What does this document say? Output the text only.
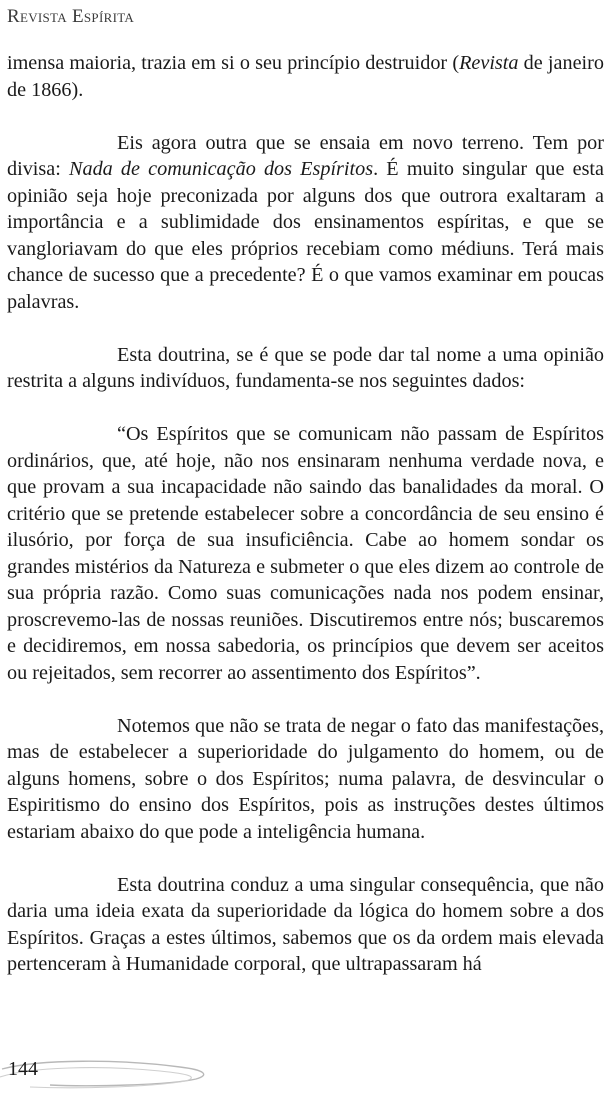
Revista Espírita

imensa maioria, trazia em si o seu princípio destruidor (Revista de janeiro de 1866).

Eis agora outra que se ensaia em novo terreno. Tem por divisa: Nada de comunicação dos Espíritos. É muito singular que esta opinião seja hoje preconizada por alguns dos que outrora exaltaram a importância e a sublimidade dos ensinamentos espíritas, e que se vangloriavam do que eles próprios recebiam como médiuns. Terá mais chance de sucesso que a precedente? É o que vamos examinar em poucas palavras.

Esta doutrina, se é que se pode dar tal nome a uma opinião restrita a alguns indivíduos, fundamenta-se nos seguintes dados:

“Os Espíritos que se comunicam não passam de Espíritos ordinários, que, até hoje, não nos ensinaram nenhuma verdade nova, e que provam a sua incapacidade não saindo das banalidades da moral. O critério que se pretende estabelecer sobre a concordância de seu ensino é ilusório, por força de sua insuficiência. Cabe ao homem sondar os grandes mistérios da Natureza e submeter o que eles dizem ao controle de sua própria razão. Como suas comunicações nada nos podem ensinar, proscrevemo-las de nossas reuniões. Discutiremos entre nós; buscaremos e decidiremos, em nossa sabedoria, os princípios que devem ser aceitos ou rejeitados, sem recorrer ao assentimento dos Espíritos”.

Notemos que não se trata de negar o fato das manifestações, mas de estabelecer a superioridade do julgamento do homem, ou de alguns homens, sobre o dos Espíritos; numa palavra, de desvincular o Espiritismo do ensino dos Espíritos, pois as instruções destes últimos estariam abaixo do que pode a inteligência humana.

Esta doutrina conduz a uma singular consequência, que não daria uma ideia exata da superioridade da lógica do homem sobre a dos Espíritos. Graças a estes últimos, sabemos que os da ordem mais elevada pertenceram à Humanidade corporal, que ultrapassaram há

144
